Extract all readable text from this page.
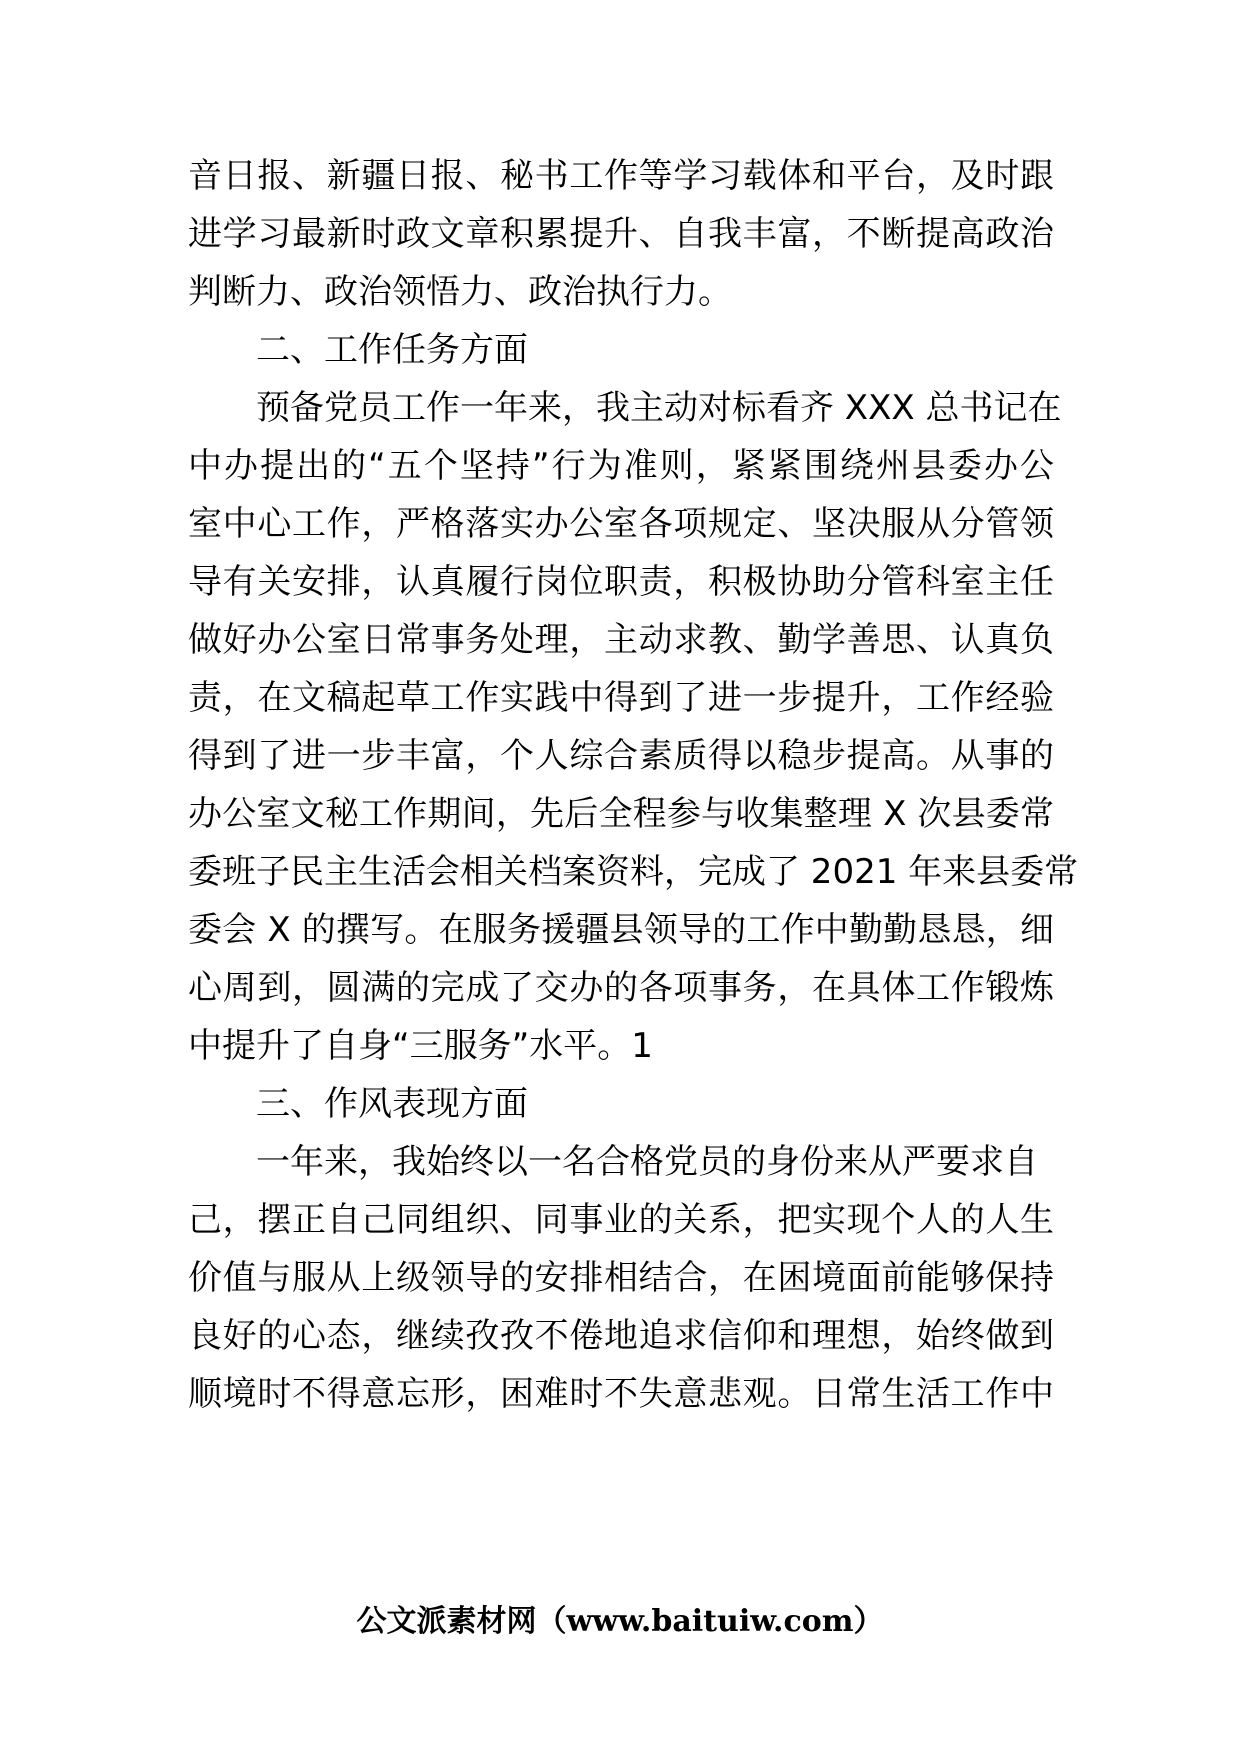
音日报、新疆日报、秘书工作等学习载体和平台，及时跟
进学习最新时政文章积累提升、自我丰富，不断提高政治
判断力、政治领悟力、政治执行力。
二、工作任务方面
预备党员工作一年来，我主动对标看齐 XXX 总书记在
中办提出的“五个坚持”行为准则，紧紧围绕州县委办公
室中心工作，严格落实办公室各项规定、坚决服从分管领
导有关安排，认真履行岗位职责，积极协助分管科室主任
做好办公室日常事务处理，主动求教、勤学善思、认真负
责，在文稿起草工作实践中得到了进一步提升，工作经验
得到了进一步丰富，个人综合素质得以稳步提高。从事的
办公室文秘工作期间，先后全程参与收集整理 X 次县委常
委班子民主生活会相关档案资料，完成了 2021 年来县委常
委会 X 的撰写。在服务援疆县领导的工作中勤勤恳恳，细
心周到，圆满的完成了交办的各项事务，在具体工作锻炼
中提升了自身“三服务”水平。1
三、作风表现方面
一年来，我始终以一名合格党员的身份来从严要求自
己，摆正自己同组织、同事业的关系，把实现个人的人生
价值与服从上级领导的安排相结合，在困境面前能够保持
良好的心态，继续孜孜不倦地追求信仰和理想，始终做到
顺境时不得意忘形，困难时不失意悲观。日常生活工作中
公文派素材网（www.baituiw.com）
